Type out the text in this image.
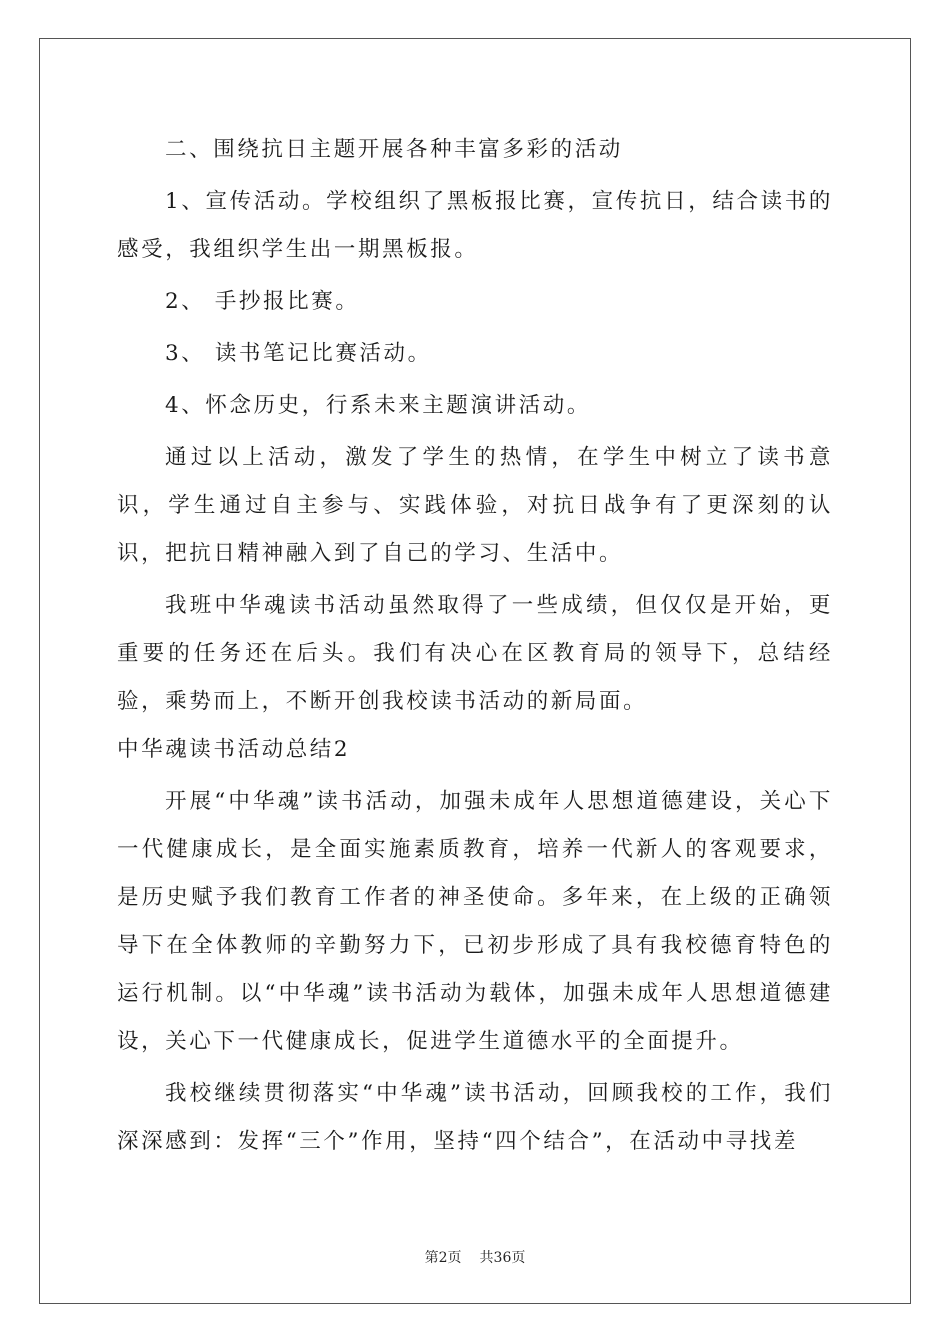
二、围绕抗日主题开展各种丰富多彩的活动

1、宣传活动。学校组织了黑板报比赛，宣传抗日，结合读书的感受，我组织学生出一期黑板报。

2、 手抄报比赛。

3、 读书笔记比赛活动。

4、怀念历史，行系未来主题演讲活动。

通过以上活动，激发了学生的热情，在学生中树立了读书意识，学生通过自主参与、实践体验，对抗日战争有了更深刻的认识，把抗日精神融入到了自己的学习、生活中。

我班中华魂读书活动虽然取得了一些成绩，但仅仅是开始，更重要的任务还在后头。我们有决心在区教育局的领导下，总结经验，乘势而上，不断开创我校读书活动的新局面。

中华魂读书活动总结2

开展“中华魂”读书活动，加强未成年人思想道德建设，关心下一代健康成长，是全面实施素质教育，培养一代新人的客观要求，是历史赋予我们教育工作者的神圣使命。多年来，在上级的正确领导下在全体教师的辛勤努力下，已初步形成了具有我校德育特色的运行机制。以“中华魂”读书活动为载体，加强未成年人思想道德建设，关心下一代健康成长，促进学生道德水平的全面提升。

我校继续贯彻落实“中华魂”读书活动，回顾我校的工作，我们深深感到：发挥“三个”作用，坚持“四个结合”，在活动中寻找差

第2页 共36页
